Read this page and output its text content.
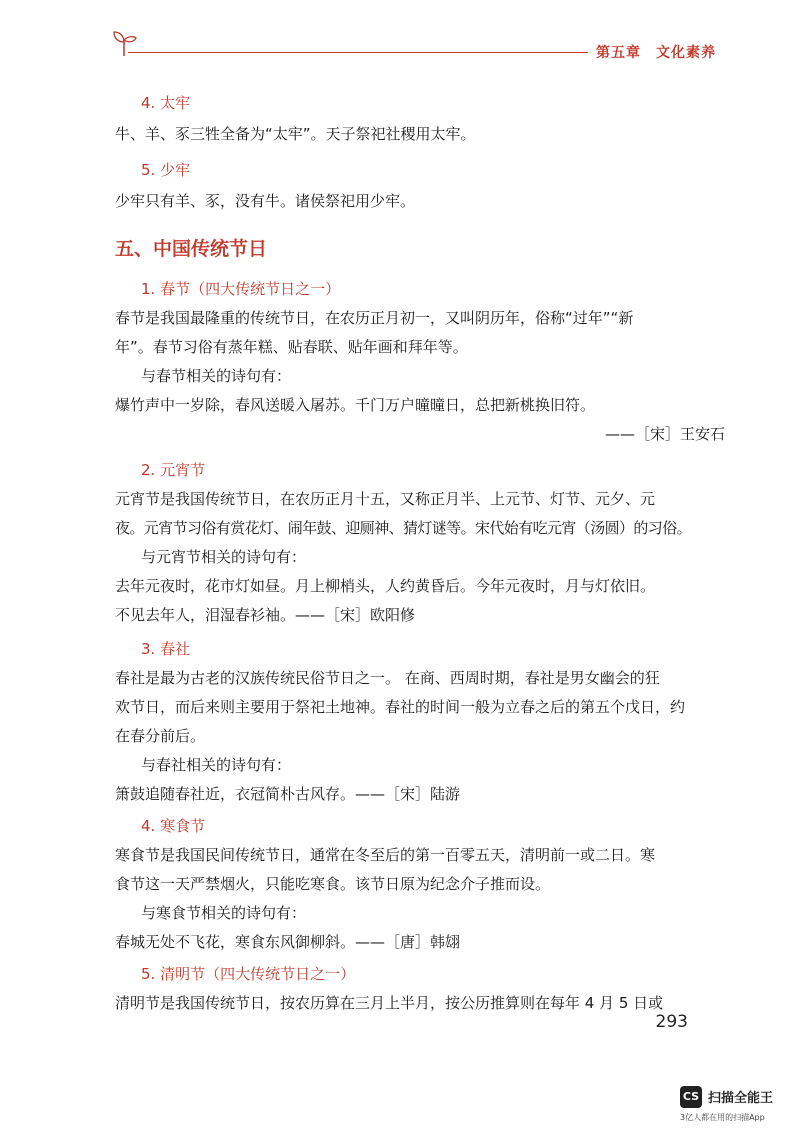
第五章　文化素养

4. 太牢

牛、羊、豕三牲全备为“太牢”。天子祭祀社稷用太牢。

5. 少牢

少牢只有羊、豕，没有牛。诸侯祭祀用少牢。

五、中国传统节日

1. 春节（四大传统节日之一）

春节是我国最隆重的传统节日，在农历正月初一，又叫阴历年，俗称“过年”“新

年”。春节习俗有蒸年糕、贴春联、贴年画和拜年等。

与春节相关的诗句有：

爆竹声中一岁除，春风送暖入屠苏。千门万户曈曈日，总把新桃换旧符。

——［宋］王安石

2. 元宵节

元宵节是我国传统节日，在农历正月十五，又称正月半、上元节、灯节、元夕、元

夜。元宵节习俗有赏花灯、闹年鼓、迎厕神、猜灯谜等。宋代始有吃元宵（汤圆）的习俗。

与元宵节相关的诗句有：

去年元夜时，花市灯如昼。月上柳梢头，人约黄昏后。今年元夜时，月与灯依旧。

不见去年人，泪湿春衫袖。——［宋］欧阳修

3. 春社

春社是最为古老的汉族传统民俗节日之一。 在商、西周时期，春社是男女幽会的狂

欢节日，而后来则主要用于祭祀土地神。春社的时间一般为立春之后的第五个戊日，约

在春分前后。

与春社相关的诗句有：

箫鼓追随春社近，衣冠简朴古风存。——［宋］陆游

4. 寒食节

寒食节是我国民间传统节日，通常在冬至后的第一百零五天，清明前一或二日。寒

食节这一天严禁烟火，只能吃寒食。该节日原为纪念介子推而设。

与寒食节相关的诗句有：

春城无处不飞花，寒食东风御柳斜。——［唐］韩翃

5. 清明节（四大传统节日之一）

清明节是我国传统节日，按农历算在三月上半月，按公历推算则在每年 4 月 5 日或

293
CS 扫描全能王
3亿人都在用的扫描App
